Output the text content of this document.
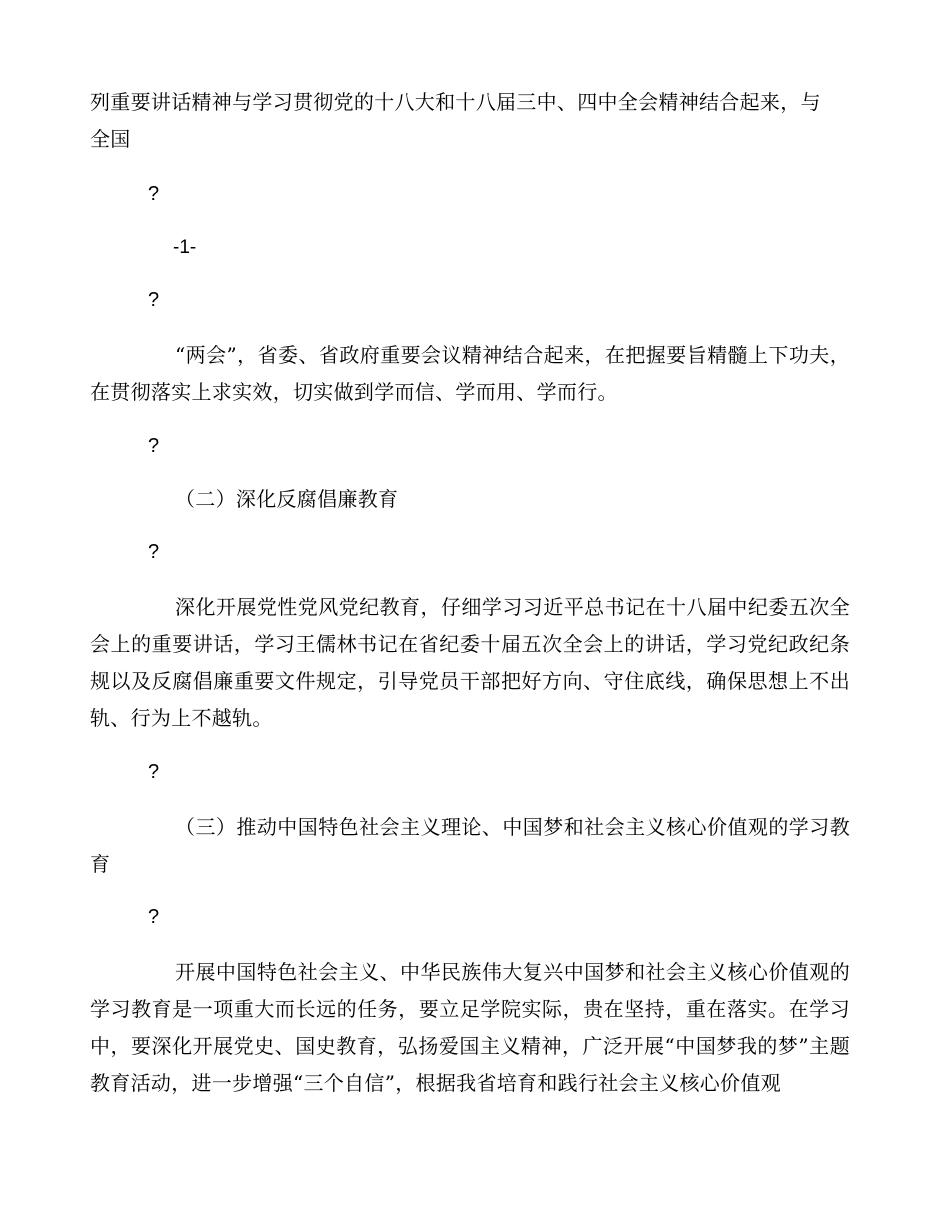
列重要讲话精神与学习贯彻党的十八大和十八届三中、四中全会精神结合起来，与
全国
?
-1-
?
“两会”，省委、省政府重要会议精神结合起来，在把握要旨精髓上下功夫，在贯彻落实上求实效，切实做到学而信、学而用、学而行。
?
（二）深化反腐倡廉教育
?
深化开展党性党风党纪教育，仔细学习习近平总书记在十八届中纪委五次全会上的重要讲话，学习王儒林书记在省纪委十届五次全会上的讲话，学习党纪政纪条规以及反腐倡廉重要文件规定，引导党员干部把好方向、守住底线，确保思想上不出轨、行为上不越轨。
?
（三）推动中国特色社会主义理论、中国梦和社会主义核心价值观的学习教育
?
开展中国特色社会主义、中华民族伟大复兴中国梦和社会主义核心价值观的学习教育是一项重大而长远的任务，要立足学院实际，贵在坚持，重在落实。在学习中，要深化开展党史、国史教育，弘扬爱国主义精神，广泛开展“中国梦我的梦”主题教育活动，进一步增强“三个自信”，根据我省培育和践行社会主义核心价值观
